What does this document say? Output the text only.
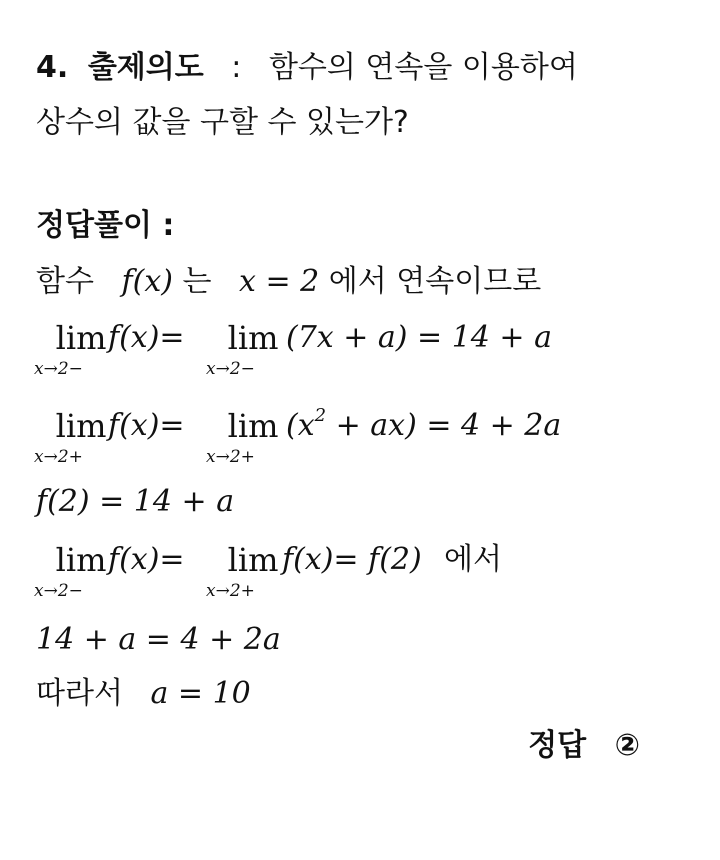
4. 출제의도 : 함수의 연속을 이용하여
상수의 값을 구할 수 있는가?
정답풀이 :
함수 f(x) 는 x = 2 에서 연속이므로
lim
x→2−
f(x)=	lim
x→2−
(7x + a) = 14 + a
lim
x→2+
f(x)=	lim
x→2+
$(x^2 + ax) = 4 + 2a$
f(2) = 14 + a
lim
x→2−
f(x)=	lim
x→2+
f(x)= f(2) 에서
14 + a = 4 + 2a
따라서 a = 10
정답 ②
